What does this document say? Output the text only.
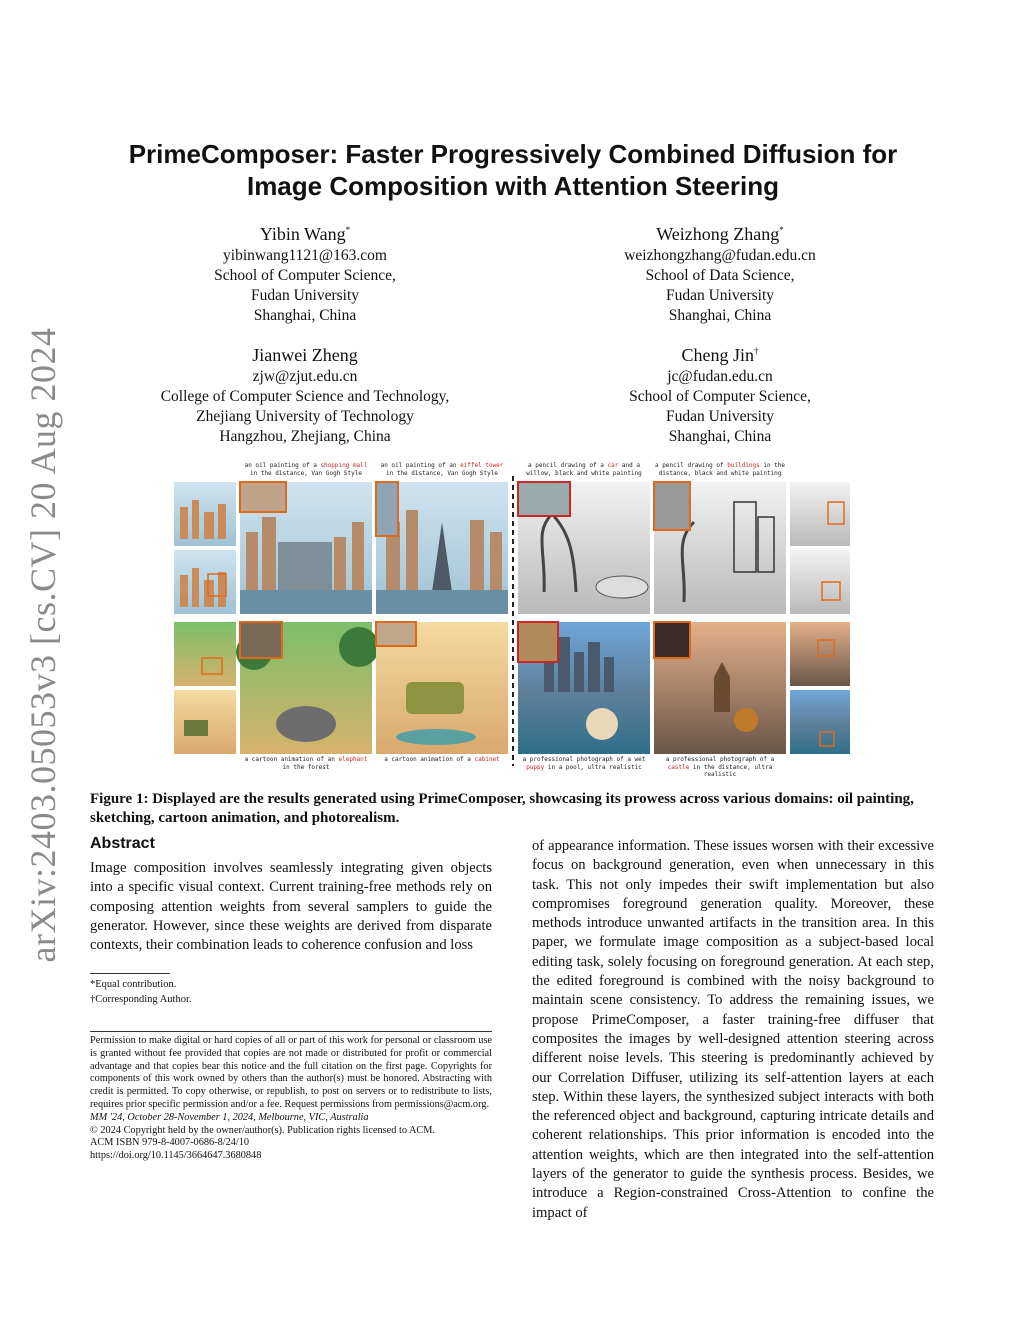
arXiv:2403.05053v3 [cs.CV] 20 Aug 2024
PrimeComposer: Faster Progressively Combined Diffusion for
Image Composition with Attention Steering
Yibin Wang*
yibinwang1121@163.com
School of Computer Science,
Fudan University
Shanghai, China
Weizhong Zhang*
weizhongzhang@fudan.edu.cn
School of Data Science,
Fudan University
Shanghai, China
Jianwei Zheng
zjw@zjut.edu.cn
College of Computer Science and Technology,
Zhejiang University of Technology
Hangzhou, Zhejiang, China
Cheng Jin†
jc@fudan.edu.cn
School of Computer Science,
Fudan University
Shanghai, China
an oil painting of a shopping mall in the distance, Van Gogh Style
an oil painting of an eiffel tower in the distance, Van Gogh Style
a pencil drawing of a car and a willow, black and white painting
a pencil drawing of buildings in the distance, black and white painting
a cartoon animation of an elephant in the forest
a cartoon animation of a cabinet	a professional photograph of a wet puppy in a pool, ultra realistic
a professional photograph of a castle in the distance, ultra realistic
Figure 1: Displayed are the results generated using PrimeComposer, showcasing its prowess across various domains: oil painting, sketching, cartoon animation, and photorealism.
Abstract
Image composition involves seamlessly integrating given objects into a specific visual context. Current training-free methods rely on composing attention weights from several samplers to guide the generator. However, since these weights are derived from disparate contexts, their combination leads to coherence confusion and loss
of appearance information. These issues worsen with their excessive focus on background generation, even when unnecessary in this task. This not only impedes their swift implementation but also compromises foreground generation quality. Moreover, these methods introduce unwanted artifacts in the transition area. In this paper, we formulate image composition as a subject-based local editing task, solely focusing on foreground generation. At each step, the edited foreground is combined with the noisy background to maintain scene consistency. To address the remaining issues, we propose PrimeComposer, a faster training-free diffuser that composites the images by well-designed attention steering across different noise levels. This steering is predominantly achieved by our Correlation Diffuser, utilizing its self-attention layers at each step. Within these layers, the synthesized subject interacts with both the referenced object and background, capturing intricate details and coherent relationships. This prior information is encoded into the attention weights, which are then integrated into the self-attention layers of the generator to guide the synthesis process. Besides, we introduce a Region-constrained Cross-Attention to confine the impact of
*Equal contribution.
†Corresponding Author.

Permission to make digital or hard copies of all or part of this work for personal or classroom use is granted without fee provided that copies are not made or distributed for profit or commercial advantage and that copies bear this notice and the full citation on the first page. Copyrights for components of this work owned by others than the author(s) must be honored. Abstracting with credit is permitted. To copy otherwise, or republish, to post on servers or to redistribute to lists, requires prior specific permission and/or a fee. Request permissions from permissions@acm.org.

MM '24, October 28-November 1, 2024, Melbourne, VIC, Australia

© 2024 Copyright held by the owner/author(s). Publication rights licensed to ACM.

ACM ISBN 979-8-4007-0686-8/24/10

https://doi.org/10.1145/3664647.3680848
